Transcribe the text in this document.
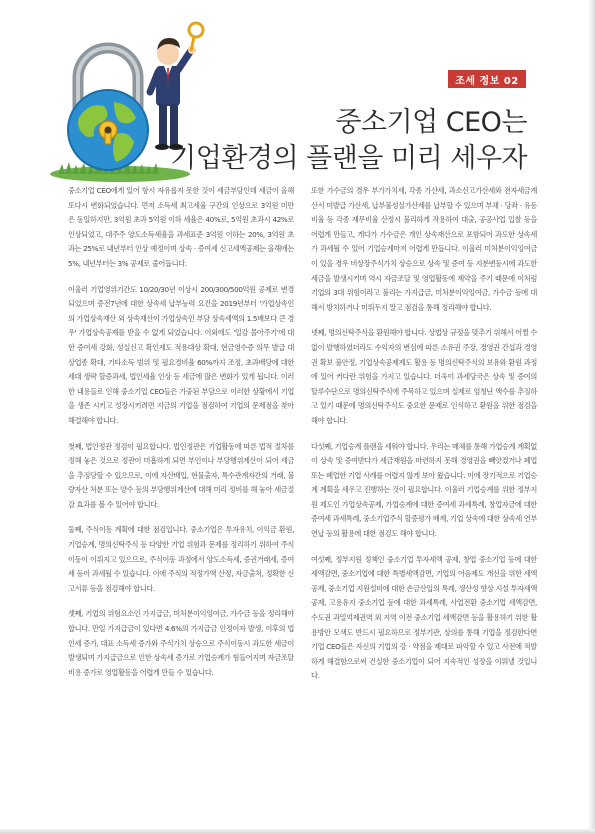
조세 정보 02
중소기업 CEO는
기업환경의 플랜을 미리 세우자

중소기업 CEO에게 있어 항시 자유롭지 못한 것이 세금부담인데 세금이 올해 또다시 변화되었습니다. 먼저 소득세 최고세율 구간의 인상으로 3억원 미만은 동일하지만, 3억원 초과 5억원 이하 세율은 40%로, 5억원 초과시 42%로 인상되었고, 대주주 양도소득세율을 과세표준 3억원 이하는 20%, 3억원 초과는 25%로 내년부터 인상 예정이며 상속 · 증여세 신고세액공제는 올해에는 5%, 내년부터는 3% 공제로 줄어듭니다.

이울러 기업영위기간도 10/20/30년 이상시 200/300/500억원 공제로 변경되었으며 증전7년에 대한 상속세 납부능력 요건을 2019년부터 '가업상속인의 가업상속재산 외 상속재산이 가업상속인 부담 상속세액의 1.5배보다 큰 경우' 가업상속공제를 받을 수 없게 되었습니다. 이외에도 '일감 몰아주기'에 대한 증여세 강화, 성실신고 확인제도 적용대상 확대, 현금영수증 의무 발급 대상업종 확대, 기타소득 범위 및 필요경비율 60%까지 조정, 초과배당에 대한 세대 생략 할증과세, 법인세율 인상 등 세금에 많은 변화가 있게 됩니다. 이러한 내용들로 인해 중소기업 CEO들은 가중된 부담으로 이러한 상황에서 기업을 생존 시키고 성장시키려면 지금의 기업을 점검하여 기업의 문제점을 찾아 해결해야 합니다.

첫째, 법인정관 정검이 필요합니다. 법인정관은 기업활동에 따른 법적 절차를 정해 놓은 것으로 정관이 미흡하게 되면 부인이나 부당행위계산이 되어 세금을 추징당할 수 있으므로, 이에 자산배입, 현물출자, 특수관계자간의 거래, 불량자산 처분 또는 양수 등의 부당행위계산에 대해 미리 정비를 해 놓아 세금절감 효과를 볼 수 있어야 합니다.

둘째, 주식이동 계획에 대한 점검입니다. 중소기업은 투자유치, 이익금 환원, 기업승계, 명의신탁주식 등 다양한 기업 위험과 문제를 정리하기 위하여 주식이동이 이뤄지고 있으므로, 주식이동 과정에서 양도소득세, 증권거래세, 증여세 등이 과세될 수 있습니다. 이에 주식의 적정가액 산정, 자금출처, 정확한 신고서류 등을 점검해야 합니다.

셋째, 기업의 위험요소인 가지급금, 미처분이익잉여금, 가수금 등을 정리해야 합니다. 만일 가지급금이 있다면 4.6%의 가지급금 인정이자 발생, 이후의 법인세 증가, 대표 소득세 증가와 주식가치 상승으로 주식이동시 과도한 세금이 발생되며 가지급금으로 인한 상속세 증가로 기업승계가 힘들어지며 자금조달 비용 증가로 영업활동을 어렵게 만들 수 있습니다.

또한 가수금의 경우 부가가치세, 각종 가산세, 과소신고가산세와 전자세금계산서 미발급 가산세, 납부불성실가산세를 납부할 수 있으며 부채 · 당좌 · 유동비율 등 각종 재무비율 산정시 불리하게 작용하여 대출, 공공사업 입찰 등을 어렵게 만들고, 게다가 가수금은 개인 상속재산으로 포함되어 과도한 상속세가 과세될 수 있어 기업승계마저 어렵게 만듭니다. 이울러 미처분이익잉여금이 있을 경우 비상장주식가치 상승으로 상속 및 증여 등 지분변동시에 과도한 세금을 발생시키며 역시 자금조달 및 영업활동에 제약을 주기 때문에 이처럼 기업의 3대 위험이라고 불리는 가지급금, 미처분이익잉여금, 가수금 등에 대해서 방치하거나 미뤄두지 말고 점검을 통해 정리해야 합니다.

넷째, 명의신탁주식을 환원해야 합니다. 상법상 규정을 맞추기 위해서 어쩔 수 없이 발행하였더라도 수익자의 변심에 따른 소유권 주장, 경영권 간섭과 경영권 확보 불안정, 기업상속공제제도 활용 등 명의신탁주식의 보유와 환원 과정에 있어 커다란 위험을 가지고 있습니다. 더욱이 과세당국은 상속 및 증여의 탈루수단으로 명의신탁주식에 주목하고 있으며 실제로 엄청난 액수를 추징하고 있기 때문에 명의신탁주식도 중요한 문제로 인식하고 환원을 위한 점검을 해야 합니다.

다섯째, 기업승계 플랜을 세워야 합니다. 우리는 매체를 통해 가업승계 계획없이 상속 및 증여받다가 세금재원을 마련하지 못해 경영권을 빼앗겼거나 폐업 또는 폐업한 기업 사례를 어렵지 않게 보아 왔습니다. 이에 장기적으로 기업승계 계획을 세우고 진행하는 것이 필요합니다. 이울러 기업승계를 위한 정부지원 제도인 가업상속공제, 가업승계에 대한 증여세 과세특례, 창업자금에 대한 증여세 과세특례, 중소기업주식 할증평가 배제, 기업 상속에 대한 상속세 연부연납 등의 활용에 대한 점검도 해야 합니다.

여섯째, 정부지원 정책인 중소기업 투자세액 공제, 창업 중소기업 등에 대한 세액감면, 중소기업에 대한 특별세액감면, 기업의 어음제도 개선을 위한 세액공제, 중소기업 지원설비에 대한 손금산입의 특례, 생산성 향상 시설 투자세액 공제, 고용유지 중소기업 등에 대한 과세특례, 사업전환 중소기업 세액감면, 수도권 과밀억제권역 외 지역 이전 중소기업 세액감면 등을 활용하기 위한 활용방안 모색도 반드시 필요하므로 정부기관, 상의를 통해 기업을 정검한다면 기업 CEO들은 자신의 기업의 강 · 약점을 제대로 파악할 수 있고 사전에 적발하게 해결함으로써 건실한 중소기업이 되어 지속적인 성장을 이뤄낼 것입니다.
